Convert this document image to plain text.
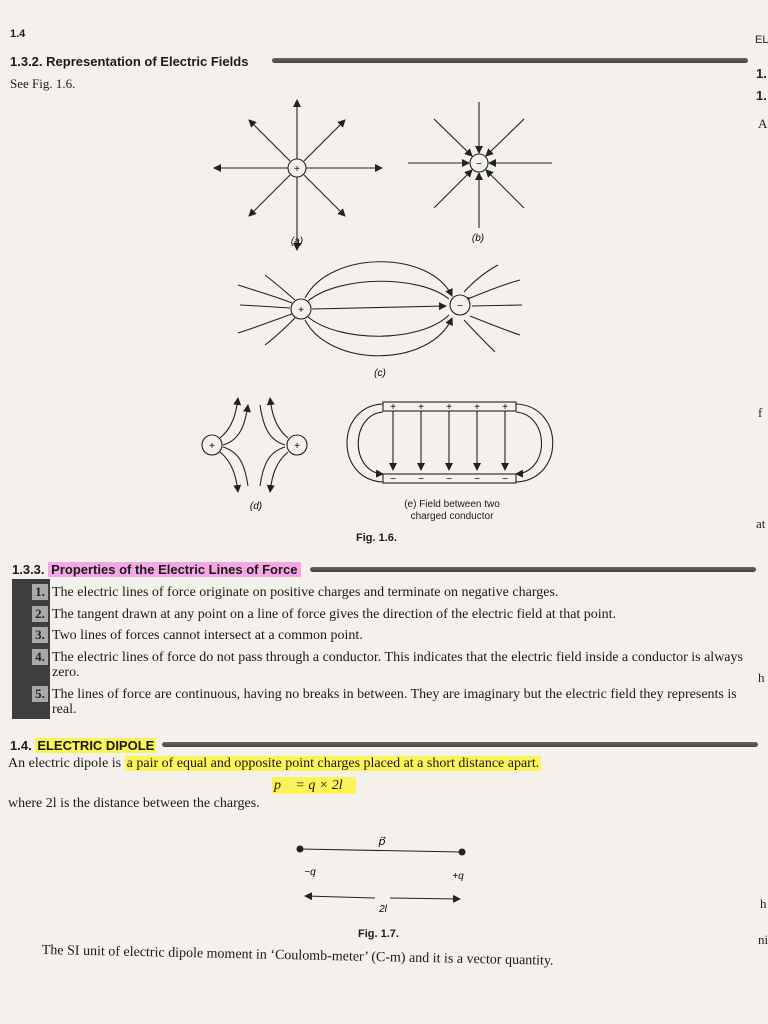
1.4	EL
1.
1.
A
f
at
h
h
ni
1.3.2. Representation of Electric Fields
See Fig. 1.6.
+
(a)
−
(b)
+	−
(c)
+	+
(d)
+ + + + +
− − − − −
(e) Field between two charged conductor
Fig. 1.6.
1.3.3. Properties of the Electric Lines of Force
1. The electric lines of force originate on positive charges and terminate on negative charges.
2. The tangent drawn at any point on a line of force gives the direction of the electric field at that point.
3. Two lines of forces cannot intersect at a common point.
4. The electric lines of force do not pass through a conductor. This indicates that the electric field inside a conductor is always zero.
5. The lines of force are continuous, having no breaks in between. They are imaginary but the electric field they represents is real.
1.4. ELECTRIC DIPOLE
An electric dipole is a pair of equal and opposite point charges placed at a short distance apart.
p⃗ = q × 2l⃗
where 2l is the distance between the charges.
p⃗
−q	+q
2l
Fig. 1.7.
The SI unit of electric dipole moment in ‘Coulomb-meter’ (C-m) and it is a vector quantity.
